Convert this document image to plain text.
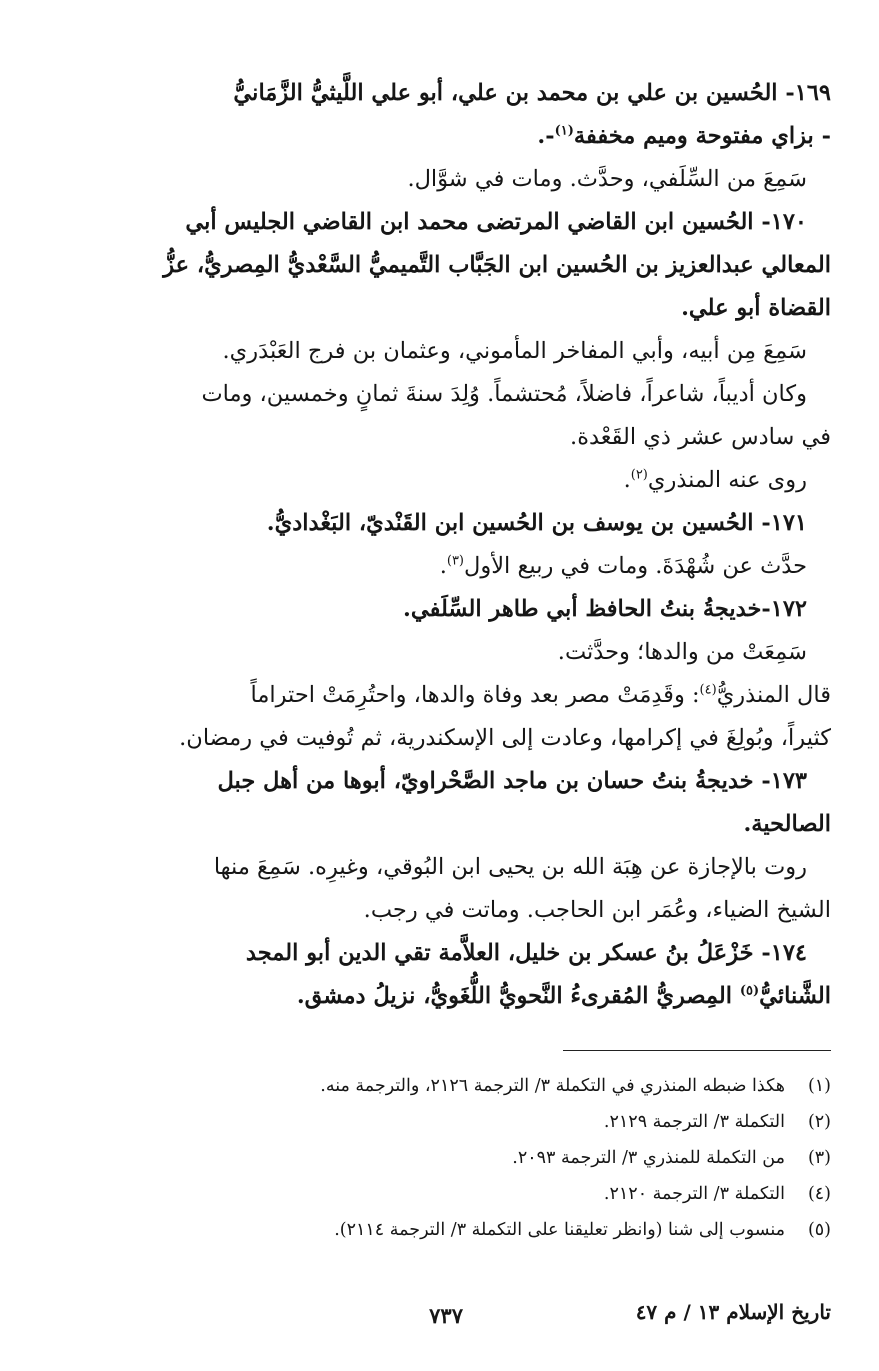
١٦٩- الحُسين بن علي بن محمد بن علي، أبو علي اللَّيثيُّ الزَّمَانيُّ

- بزاي مفتوحة وميم مخففة$^{(١)}$-.

سَمِعَ من السِّلَفي، وحدَّث. ومات في شوَّال.

١٧٠- الحُسين ابن القاضي المرتضى محمد ابن القاضي الجليس أبي

المعالي عبدالعزيز بن الحُسين ابن الجَبَّاب التَّميميُّ السَّعْديُّ المِصريُّ، عزُّ

القضاة أبو علي.

سَمِعَ مِن أبيه، وأبي المفاخر المأموني، وعثمان بن فرج العَبْدَري.

وكان أديباً، شاعراً، فاضلاً، مُحتشماً. وُلِدَ سنةَ ثمانٍ وخمسين، ومات

في سادس عشر ذي القَعْدة.

روى عنه المنذري$^{(٢)}$.

١٧١- الحُسين بن يوسف بن الحُسين ابن القَنْديّ، البَغْداديُّ.

حدَّث عن شُهْدَةَ. ومات في ربيع الأول$^{(٣)}$.

١٧٢-خديجةُ بنتُ الحافظ أبي طاهر السِّلَفي.

سَمِعَتْ من والدها؛ وحدَّثت.

قال المنذريُّ$^{(٤)}$: وقَدِمَتْ مصر بعد وفاة والدها، واحتُرِمَتْ احتراماً

كثيراً، وبُولِغَ في إكرامها، وعادت إلى الإسكندرية، ثم تُوفيت في رمضان.

١٧٣- خديجةُ بنتُ حسان بن ماجد الصَّحْراويّ، أبوها من أهل جبل

الصالحية.

روت بالإجازة عن هِبَة الله بن يحيى ابن البُوقي، وغيرِه. سَمِعَ منها

الشيخ الضياء، وعُمَر ابن الحاجب. وماتت في رجب.

١٧٤- خَزْعَلُ بنُ عسكر بن خليل، العلاَّمة تقي الدين أبو المجد

الشَّنائيُّ$^{(٥)}$ المِصريُّ المُقرىءُ النَّحويُّ اللُّغَويُّ، نزيلُ دمشق.

(١)
هكذا ضبطه المنذري في التكملة ٣/ الترجمة ٢١٢٦، والترجمة منه.
(٢)
التكملة ٣/ الترجمة ٢١٢٩.
(٣)
من التكملة للمنذري ٣/ الترجمة ٢٠٩٣.
(٤)
التكملة ٣/ الترجمة ٢١٢٠.
(٥)
منسوب إلى شنا (وانظر تعليقنا على التكملة ٣/ الترجمة ٢١١٤).
تاريخ الإسلام ١٣ / م ٤٧
٧٣٧
